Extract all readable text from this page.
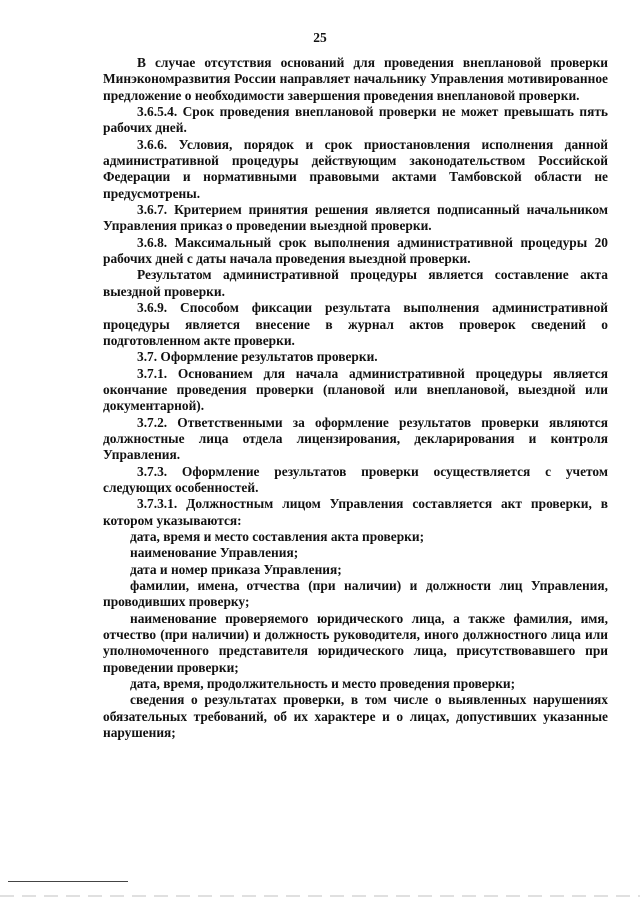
25

В случае отсутствия оснований для проведения внеплановой проверки Минэкономразвития России направляет начальнику Управления мотивированное предложение о необходимости завершения проведения внеплановой проверки.

3.6.5.4. Срок проведения внеплановой проверки не может превышать пять рабочих дней.

3.6.6. Условия, порядок и срок приостановления исполнения данной административной процедуры действующим законодательством Российской Федерации и нормативными правовыми актами Тамбовской области не предусмотрены.

3.6.7. Критерием принятия решения является подписанный начальником Управления приказ о проведении выездной проверки.

3.6.8. Максимальный срок выполнения административной процедуры 20 рабочих дней с даты начала проведения выездной проверки.

Результатом административной процедуры является составление акта выездной проверки.

3.6.9. Способом фиксации результата выполнения административной процедуры является внесение в журнал актов проверок сведений о подготовленном акте проверки.

3.7. Оформление результатов проверки.

3.7.1. Основанием для начала административной процедуры является окончание проведения проверки (плановой или внеплановой, выездной или документарной).

3.7.2. Ответственными за оформление результатов проверки являются должностные лица отдела лицензирования, декларирования и контроля Управления.

3.7.3. Оформление результатов проверки осуществляется с учетом следующих особенностей.

3.7.3.1. Должностным лицом Управления составляется акт проверки, в котором указываются:

дата, время и место составления акта проверки;

наименование Управления;

дата и номер приказа Управления;

фамилии, имена, отчества (при наличии) и должности лиц Управления, проводивших проверку;

наименование проверяемого юридического лица, а также фамилия, имя, отчество (при наличии) и должность руководителя, иного должностного лица или уполномоченного представителя юридического лица, присутствовавшего при проведении проверки;

дата, время, продолжительность и место проведения проверки;

сведения о результатах проверки, в том числе о выявленных нарушениях обязательных требований, об их характере и о лицах, допустивших указанные нарушения;
